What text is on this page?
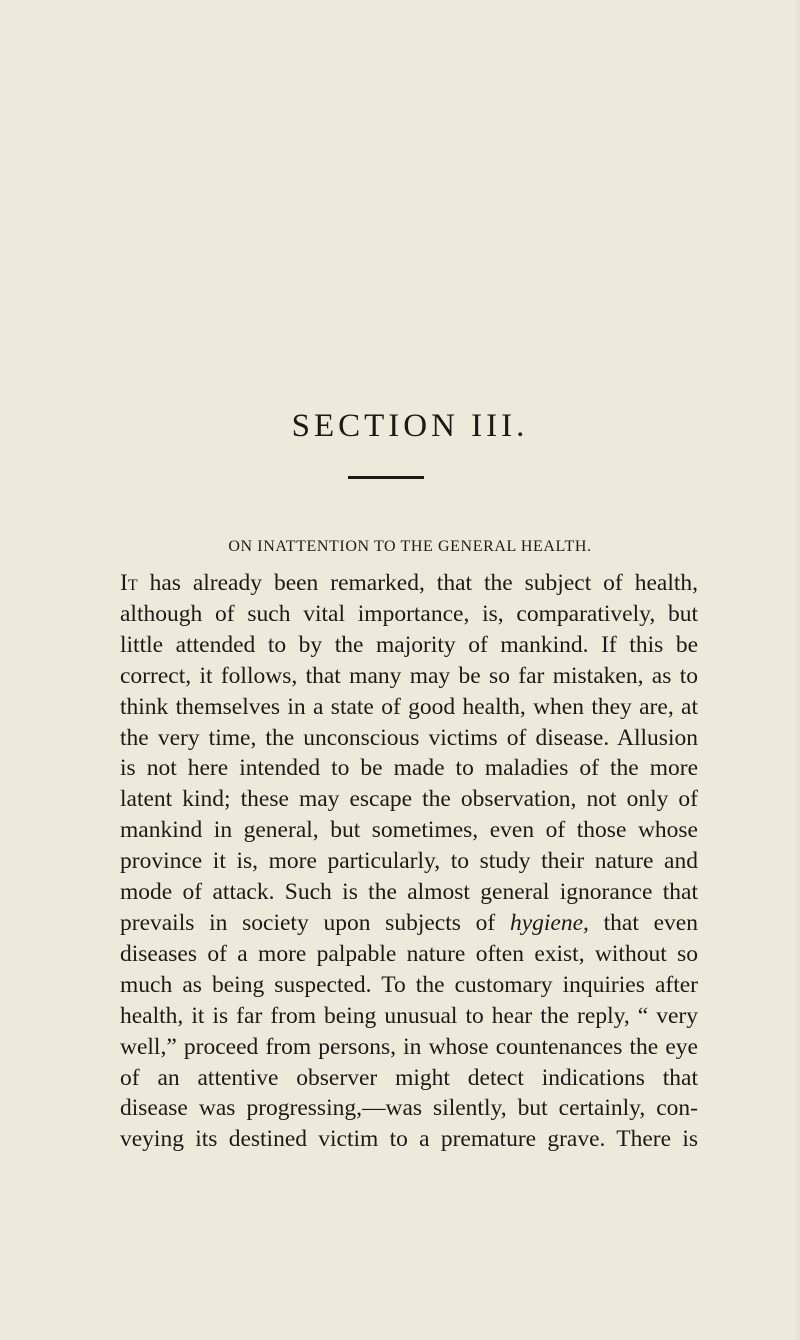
SECTION III.
ON INATTENTION TO THE GENERAL HEALTH.
It has already been remarked, that the subject of health,
although of such vital importance, is, comparatively, but
little attended to by the majority of mankind. If this be
correct, it follows, that many may be so far mistaken, as to
think themselves in a state of good health, when they are, at
the very time, the unconscious victims of disease. Allusion
is not here intended to be made to maladies of the more
latent kind; these may escape the observation, not only of
mankind in general, but sometimes, even of those whose
province it is, more particularly, to study their nature and
mode of attack. Such is the almost general ignorance that
prevails in society upon subjects of hygiene, that even
diseases of a more palpable nature often exist, without so
much as being suspected. To the customary inquiries after
health, it is far from being unusual to hear the reply, “ very
well,” proceed from persons, in whose countenances the eye
of an attentive observer might detect indications that
disease was progressing,—was silently, but certainly, con-
veying its destined victim to a premature grave. There is
